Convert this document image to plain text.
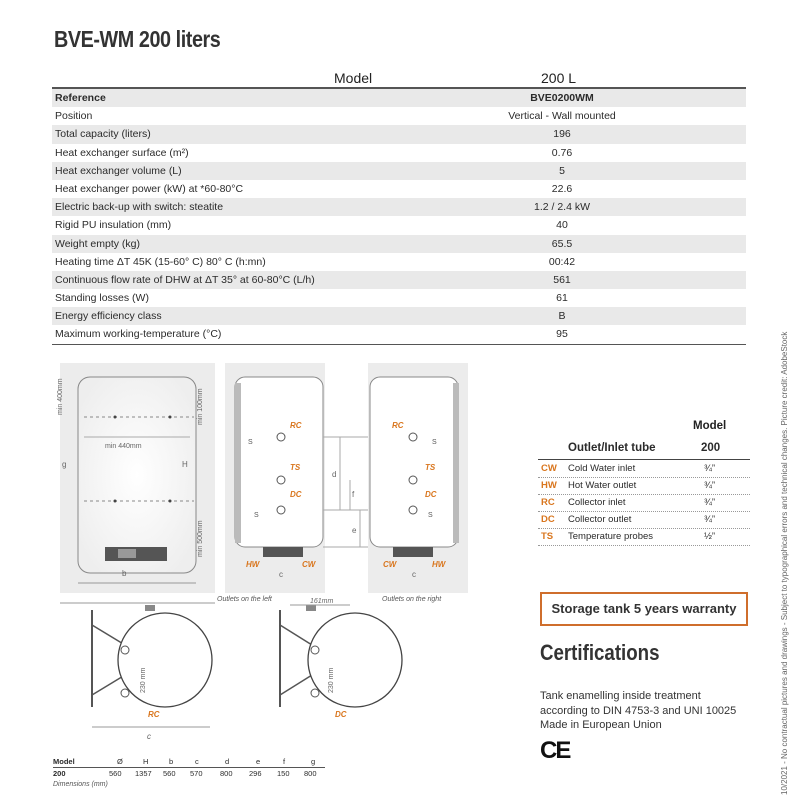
BVE-WM 200 liters
Model	200 L
Reference	BVE0200WM
Position	Vertical - Wall mounted
Total capacity (liters)	196
Heat exchanger surface (m²)	0.76
Heat exchanger volume (L)	5
Heat exchanger power (kW) at *60-80°C	22.6
Electric back-up with switch: steatite	1.2 / 2.4 kW
Rigid PU insulation (mm)	40
Weight empty (kg)	65.5
Heating time ΔT 45K (15-60° C) 80° C (h:mn)	00:42
Continuous flow rate of DHW at ΔT 35° at 60-80°C (L/h)	561
Standing losses (W)	61
Energy efficiency class	B
Maximum working-temperature (°C)	95
min 440mm
min 400mm	min 100mm
min 500mm
g	H
b
RC
TS
DC
S
S
HW	CW
c
Outlets on the left
d
f
e
RC
TS
DC
S
S
CW	HW
c
Outlets on the right
230 mm
RC
c
230 mm
DC
161mm
Model
Outlet/Inlet tube	200
CW Cold Water inlet	¾”
HW Hot Water outlet	¾”
RC Collector inlet	¾”
DC Collector outlet	¾”
TS Temperature probes	½”
Storage tank 5 years warranty
Certifications
Tank enamelling inside treatment
according to DIN 4753-3 and UNI 10025
Made in European Union
CE	10/2021 - No contractual pictures and drawings - Subject to typographical errors and technical changes. Picture credit: AdobeStock
Model	Ø	H	b	c	d	e	f	g
200	560 1357 560 570 800 296 150 800
Dimensions (mm)
